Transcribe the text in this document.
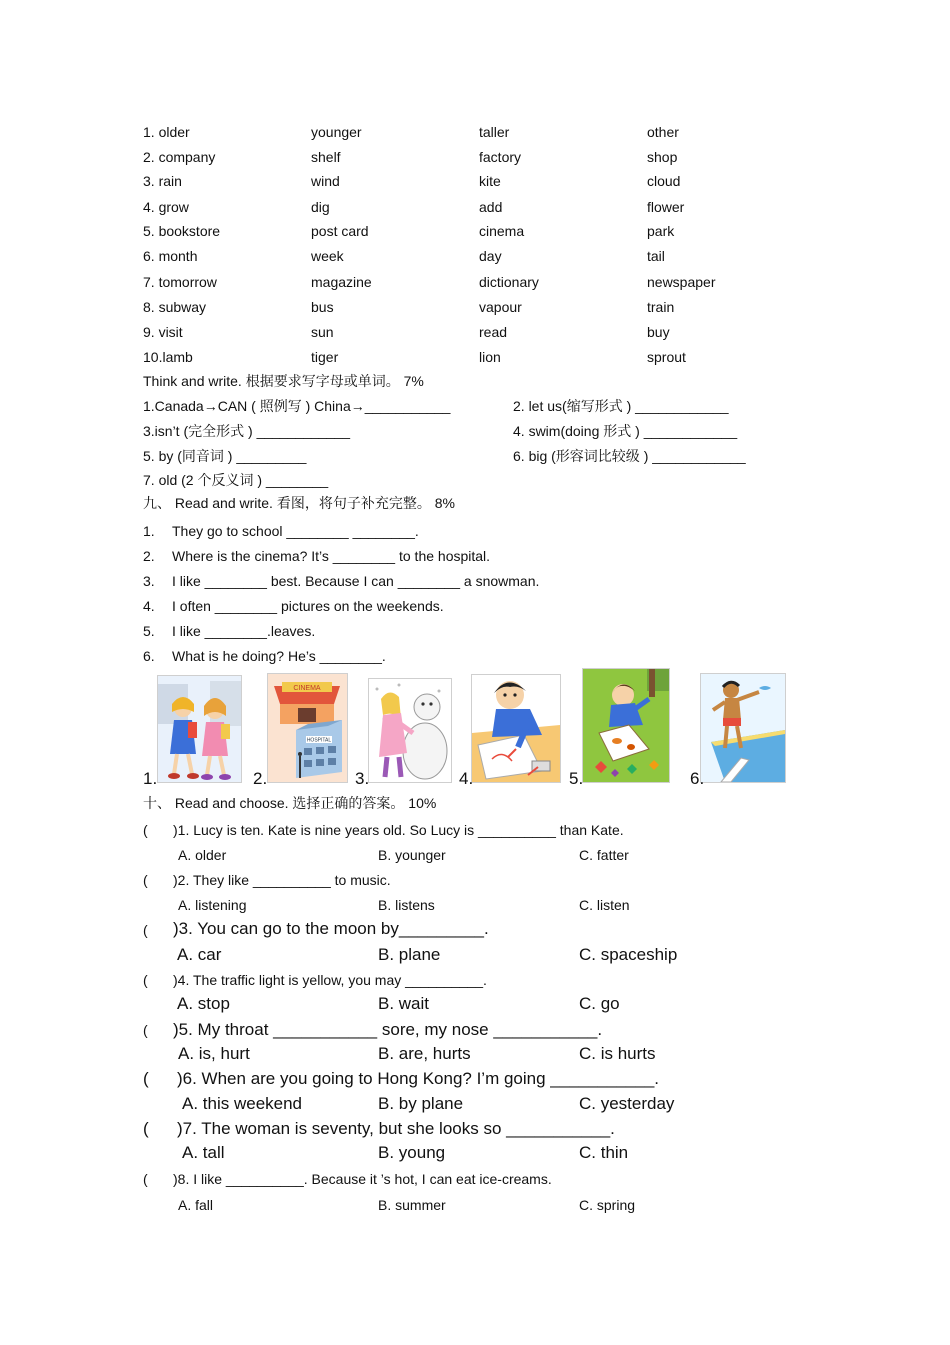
1. older	younger	taller	other
2. company	shelf	factory	shop
3. rain	wind	kite	cloud
4. grow	dig	add	flower
5. bookstore	post card	cinema	park
6. month	week	day	tail
7. tomorrow	magazine	dictionary	newspaper
8. subway	bus	vapour	train
9. visit	sun	read	buy
10.lamb	tiger	lion	sprout
Think and write. 根据要求写字母或单词。 7%
1.Canada→CAN ( 照例写 ) China→___________	2. let us(缩写形式 ) ____________
3.isn’t (完全形式 ) ____________	4. swim(doing 形式 ) ____________
5. by (同音词 ) _________	6. big (形容词比较级 ) ____________
7. old (2 个反义词 ) ________
九、 Read and write. 看图，将句子补充完整。 8%
1. They go to school ________ ________.
2. Where is the cinema? It’s ________ to the hospital.
3. I like ________ best. Because I can ________ a snowman.
4. I often ________ pictures on the weekends.
5. I like ________.leaves.
6. What is he doing? He’s ________.
1.
CINEMA
HOSPITAL
2.	3.	4.	5.	6.
十、 Read and choose. 选择正确的答案。 10%
( )1. Lucy is ten. Kate is nine years old. So Lucy is __________ than Kate.
A. older	B. younger	C. fatter
( )2. They like __________ to music.
A. listening	B. listens	C. listen
( )3. You can go to the moon by_________.
A. car	B. plane	C. spaceship
( )4. The traffic light is yellow, you may __________.
A. stop	B. wait	C. go
( )5. My throat ___________ sore, my nose ___________.
A. is, hurt	B. are, hurts	C. is hurts
( )6. When are you going to Hong Kong? I’m going ___________.
A. this weekend	B. by plane	C. yesterday
( )7. The woman is seventy, but she looks so ___________.
A. tall	B. young	C. thin
( )8. I like __________. Because it ’s hot, I can eat ice-creams.
A. fall	B. summer	C. spring
